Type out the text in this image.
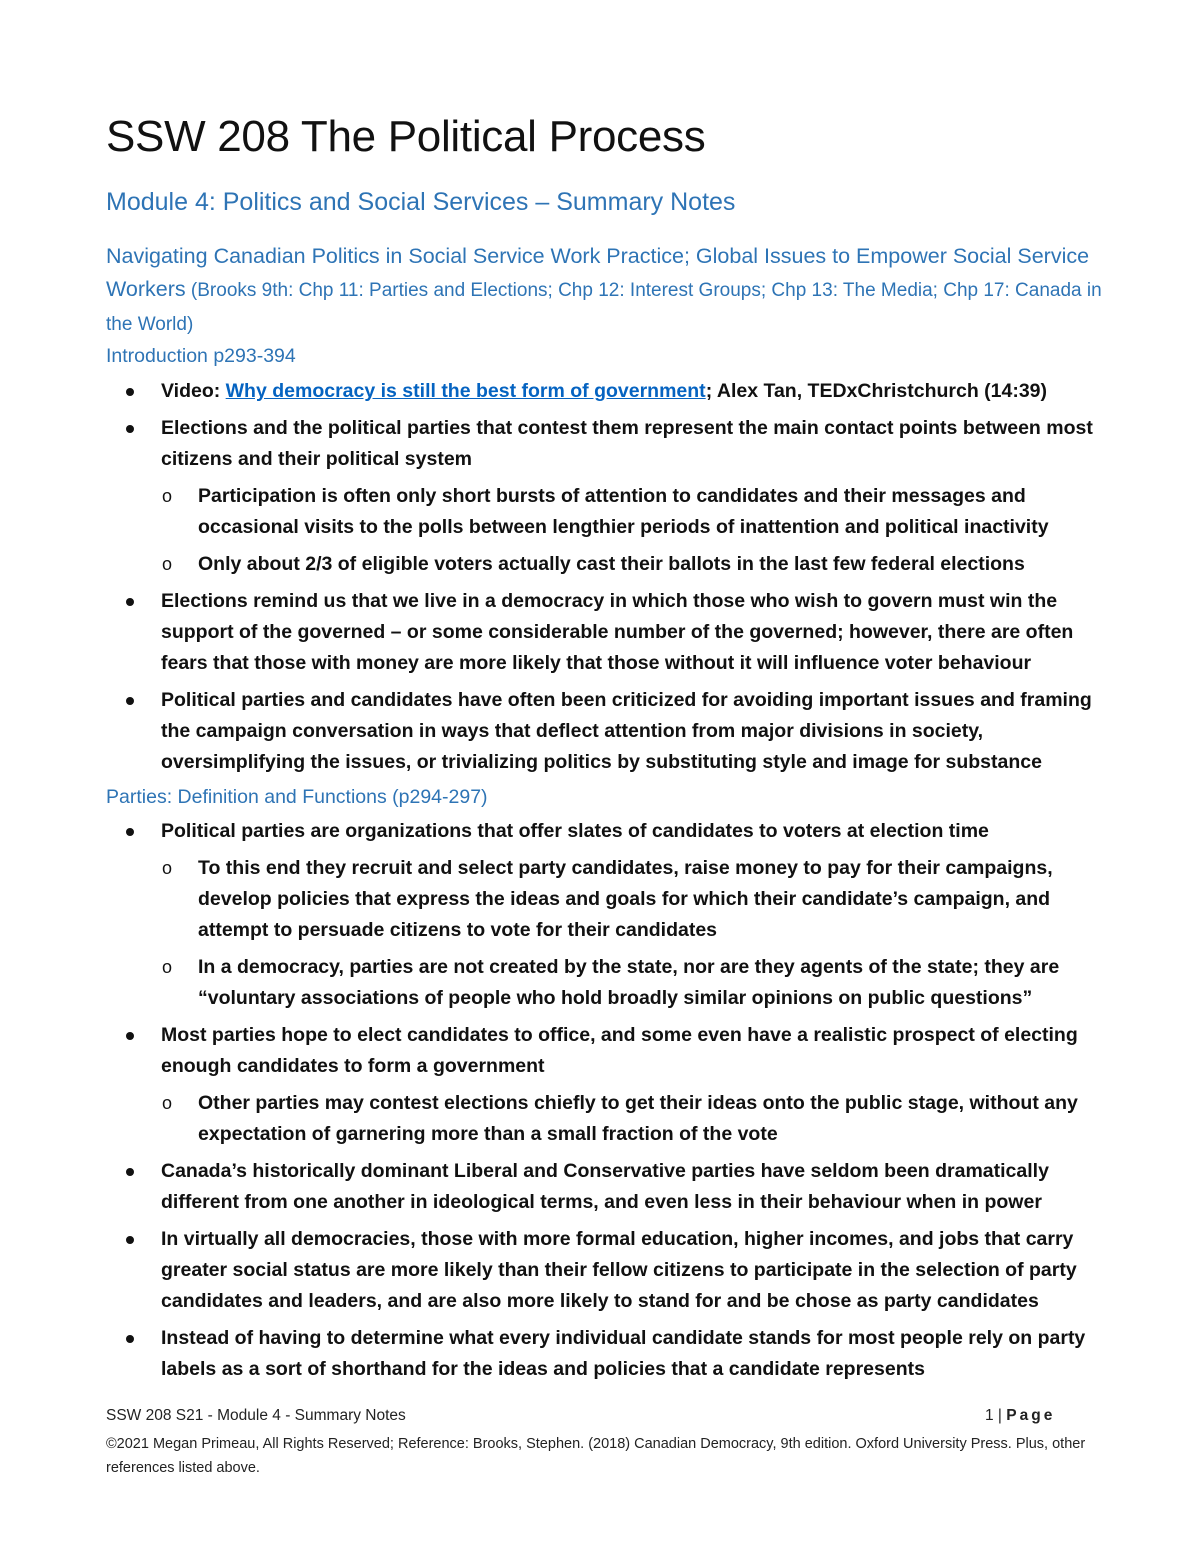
SSW 208 The Political Process
Module 4: Politics and Social Services – Summary Notes
Navigating Canadian Politics in Social Service Work Practice; Global Issues to Empower Social Service Workers (Brooks 9th: Chp 11: Parties and Elections; Chp 12: Interest Groups; Chp 13: The Media; Chp 17: Canada in the World)
Introduction p293-394
Video: Why democracy is still the best form of government; Alex Tan, TEDxChristchurch (14:39)
Elections and the political parties that contest them represent the main contact points between most citizens and their political system
o Participation is often only short bursts of attention to candidates and their messages and occasional visits to the polls between lengthier periods of inattention and political inactivity
o Only about 2/3 of eligible voters actually cast their ballots in the last few federal elections
Elections remind us that we live in a democracy in which those who wish to govern must win the support of the governed – or some considerable number of the governed; however, there are often fears that those with money are more likely that those without it will influence voter behaviour
Political parties and candidates have often been criticized for avoiding important issues and framing the campaign conversation in ways that deflect attention from major divisions in society, oversimplifying the issues, or trivializing politics by substituting style and image for substance
Parties: Definition and Functions (p294-297)
Political parties are organizations that offer slates of candidates to voters at election time
o To this end they recruit and select party candidates, raise money to pay for their campaigns, develop policies that express the ideas and goals for which their candidate’s campaign, and attempt to persuade citizens to vote for their candidates
o In a democracy, parties are not created by the state, nor are they agents of the state; they are “voluntary associations of people who hold broadly similar opinions on public questions”
Most parties hope to elect candidates to office, and some even have a realistic prospect of electing enough candidates to form a government
o Other parties may contest elections chiefly to get their ideas onto the public stage, without any expectation of garnering more than a small fraction of the vote
Canada’s historically dominant Liberal and Conservative parties have seldom been dramatically different from one another in ideological terms, and even less in their behaviour when in power
In virtually all democracies, those with more formal education, higher incomes, and jobs that carry greater social status are more likely than their fellow citizens to participate in the selection of party candidates and leaders, and are also more likely to stand for and be chose as party candidates
Instead of having to determine what every individual candidate stands for most people rely on party labels as a sort of shorthand for the ideas and policies that a candidate represents
SSW 208 S21 - Module 4 - Summary Notes	1 | Page
©2021 Megan Primeau, All Rights Reserved; Reference: Brooks, Stephen. (2018) Canadian Democracy, 9th edition. Oxford University Press. Plus, other references listed above.
